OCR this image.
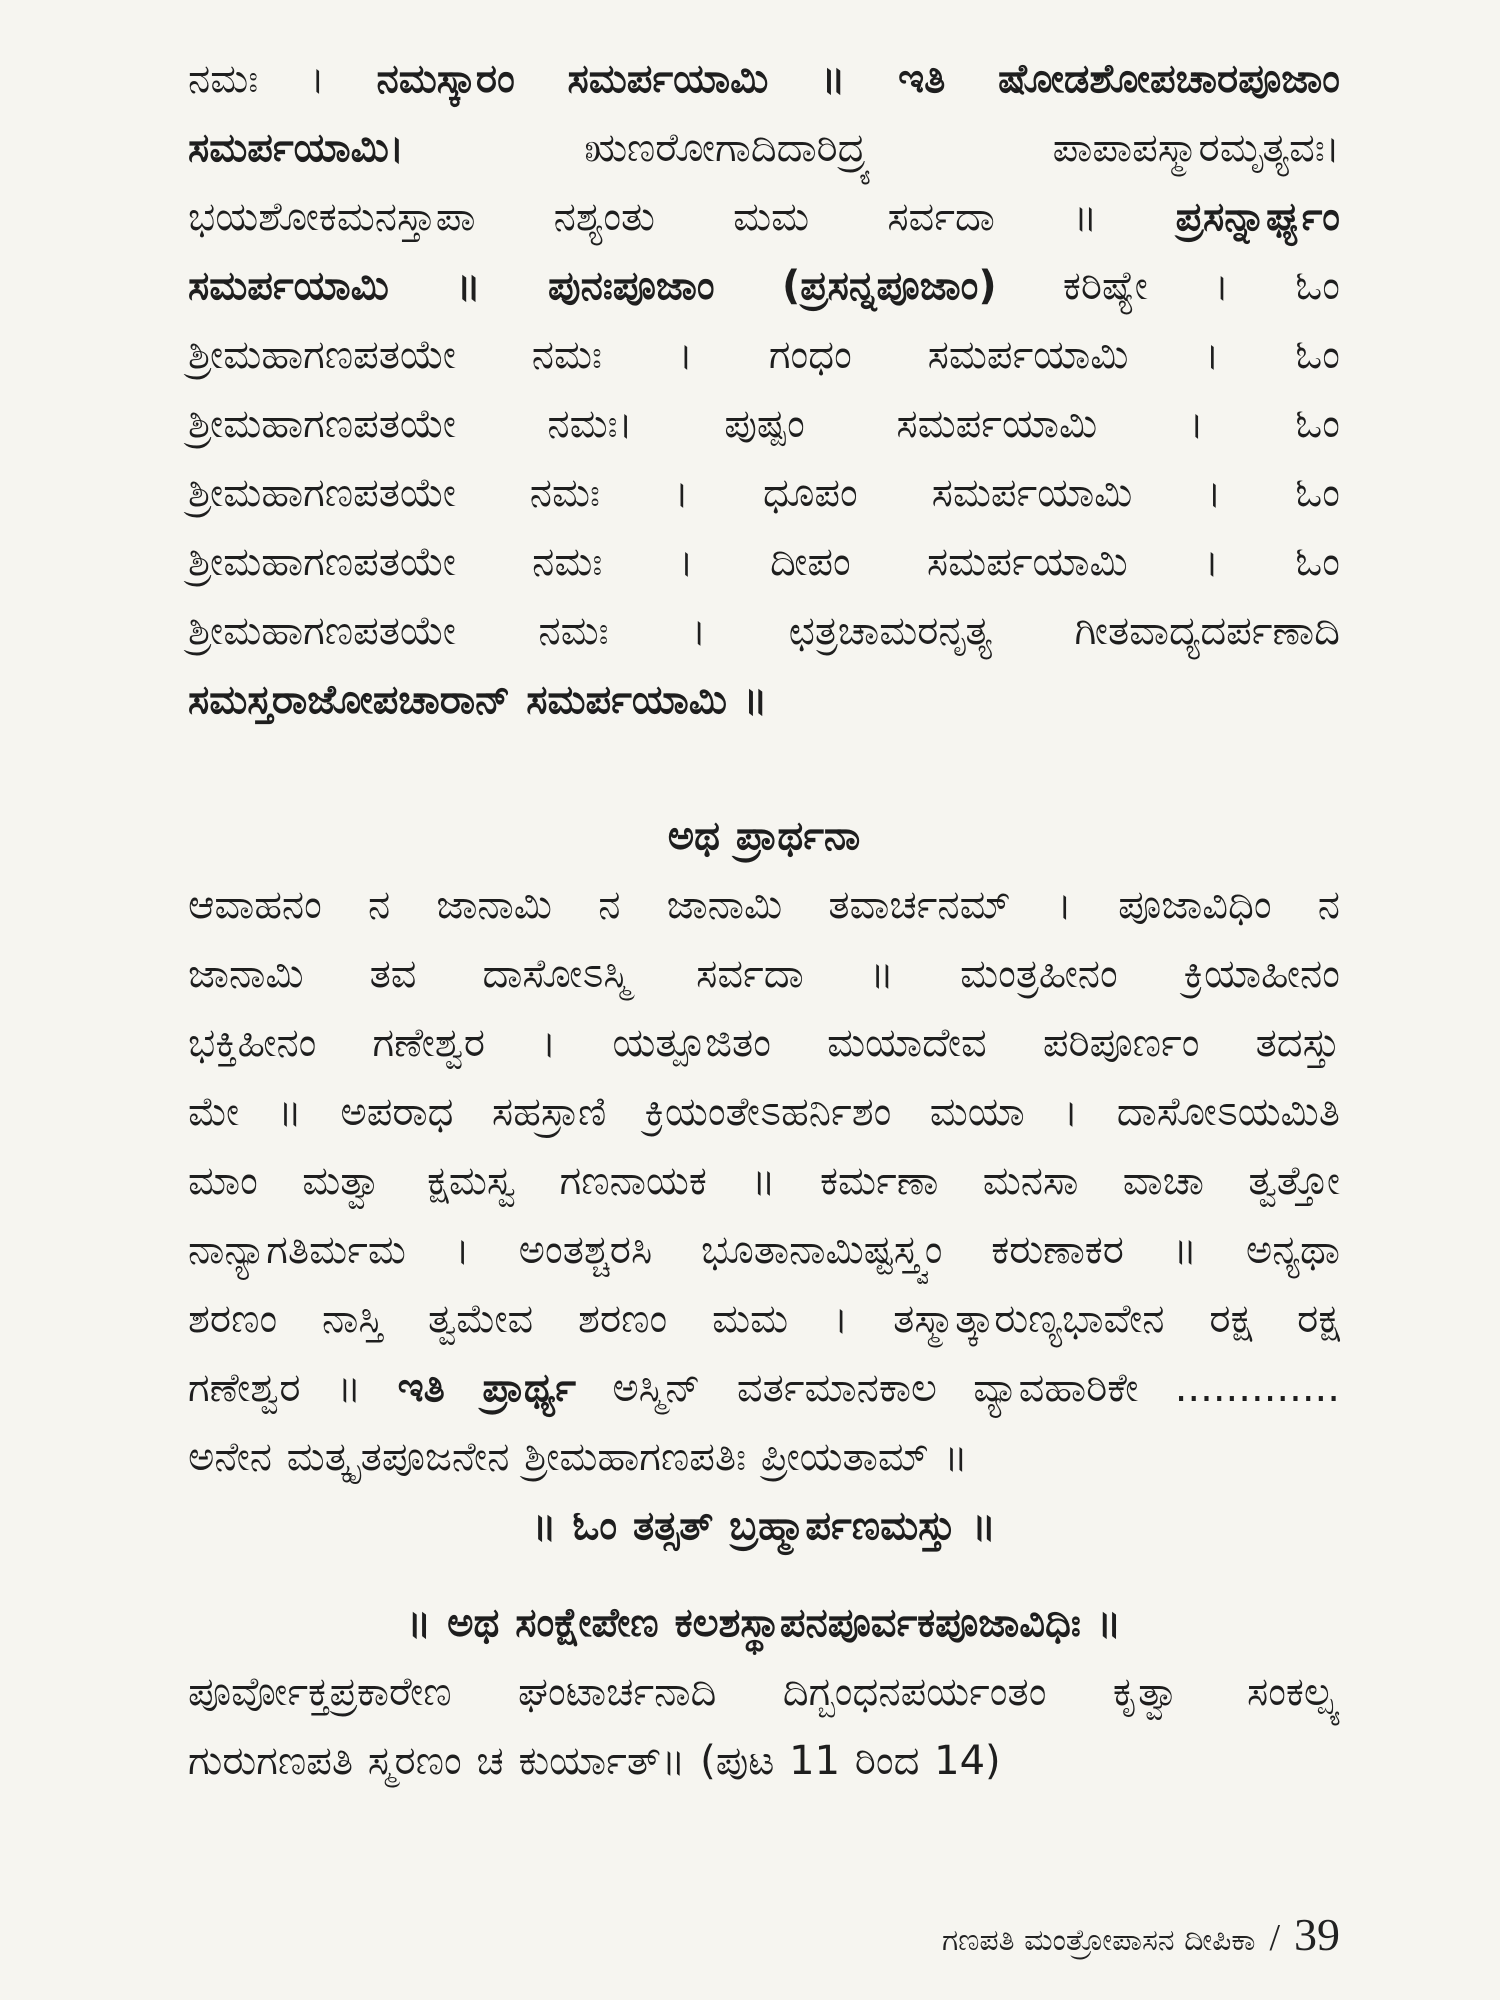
ನಮಃ । ನಮಸ್ಕಾರಂ ಸಮರ್ಪಯಾಮಿ ॥ ಇತಿ ಷೋಡಶೋಪಚಾರಪೂಜಾಂ
ಸಮರ್ಪಯಾಮಿ।	ಋಣರೋಗಾದಿದಾರಿದ್ರ್ಯ ಪಾಪಾಪಸ್ಮಾರಮೃತ್ಯವಃ।
ಭಯಶೋಕಮನಸ್ತಾಪಾ ನಶ್ಯಂತು ಮಮ ಸರ್ವದಾ ॥ ಪ್ರಸನ್ನಾರ್ಘ್ಯಂ
ಸಮರ್ಪಯಾಮಿ ॥ ಪುನಃಪೂಜಾಂ (ಪ್ರಸನ್ನಪೂಜಾಂ) ಕರಿಷ್ಯೇ । ಓಂ
ಶ್ರೀಮಹಾಗಣಪತಯೇ ನಮಃ । ಗಂಧಂ ಸಮರ್ಪಯಾಮಿ । ಓಂ
ಶ್ರೀಮಹಾಗಣಪತಯೇ ನಮಃ। ಪುಷ್ಪಂ ಸಮರ್ಪಯಾಮಿ । ಓಂ
ಶ್ರೀಮಹಾಗಣಪತಯೇ ನಮಃ । ಧೂಪಂ ಸಮರ್ಪಯಾಮಿ । ಓಂ
ಶ್ರೀಮಹಾಗಣಪತಯೇ ನಮಃ । ದೀಪಂ ಸಮರ್ಪಯಾಮಿ । ಓಂ
ಶ್ರೀಮಹಾಗಣಪತಯೇ ನಮಃ । ಛತ್ರಚಾಮರನೃತ್ಯ ಗೀತವಾದ್ಯದರ್ಪಣಾದಿ
ಸಮಸ್ತರಾಜೋಪಚಾರಾನ್ ಸಮರ್ಪಯಾಮಿ ॥
ಅಥ ಪ್ರಾರ್ಥನಾ
ಆವಾಹನಂ ನ ಜಾನಾಮಿ ನ ಜಾನಾಮಿ ತವಾರ್ಚನಮ್ । ಪೂಜಾವಿಧಿಂ ನ
ಜಾನಾಮಿ ತವ ದಾಸೋಽಸ್ಮಿ ಸರ್ವದಾ ॥ ಮಂತ್ರಹೀನಂ ಕ್ರಿಯಾಹೀನಂ
ಭಕ್ತಿಹೀನಂ ಗಣೇಶ್ವರ । ಯತ್ಪೂಜಿತಂ ಮಯಾದೇವ ಪರಿಪೂರ್ಣಂ ತದಸ್ತು
ಮೇ ॥ ಅಪರಾಧ ಸಹಸ್ರಾಣಿ ಕ್ರಿಯಂತೇಽಹರ್ನಿಶಂ ಮಯಾ । ದಾಸೋಽಯಮಿತಿ
ಮಾಂ ಮತ್ವಾ ಕ್ಷಮಸ್ವ ಗಣನಾಯಕ ॥ ಕರ್ಮಣಾ ಮನಸಾ ವಾಚಾ ತ್ವತ್ತೋ
ನಾನ್ಯಾಗತಿರ್ಮಮ । ಅಂತಶ್ಚರಸಿ ಭೂತಾನಾಮಿಷ್ಟಸ್ತ್ವಂ ಕರುಣಾಕರ ॥ ಅನ್ಯಥಾ
ಶರಣಂ ನಾಸ್ತಿ ತ್ವಮೇವ ಶರಣಂ ಮಮ । ತಸ್ಮಾತ್ಕಾರುಣ್ಯಭಾವೇನ ರಕ್ಷ ರಕ್ಷ
ಗಣೇಶ್ವರ ॥ ಇತಿ ಪ್ರಾರ್ಥ್ಯ ಅಸ್ಮಿನ್ ವರ್ತಮಾನಕಾಲ ವ್ಯಾವಹಾರಿಕೇ .............
ಅನೇನ ಮತ್ಕೃತಪೂಜನೇನ ಶ್ರೀಮಹಾಗಣಪತಿಃ ಪ್ರೀಯತಾಮ್ ॥
॥ ಓಂ ತತ್ಸತ್ ಬ್ರಹ್ಮಾರ್ಪಣಮಸ್ತು ॥
॥ ಅಥ ಸಂಕ್ಷೇಪೇಣ ಕಲಶಸ್ಥಾಪನಪೂರ್ವಕಪೂಜಾವಿಧಿಃ ॥
ಪೂರ್ವೋಕ್ತಪ್ರಕಾರೇಣ ಘಂಟಾರ್ಚನಾದಿ ದಿಗ್ಬಂಧನಪರ್ಯಂತಂ ಕೃತ್ವಾ ಸಂಕಲ್ಪ್ಯ
ಗುರುಗಣಪತಿ ಸ್ಮರಣಂ ಚ ಕುರ್ಯಾತ್॥ (ಪುಟ 11 ರಿಂದ 14)
ಗಣಪತಿ ಮಂತ್ರೋಪಾಸನ ದೀಪಿಕಾ / 39
